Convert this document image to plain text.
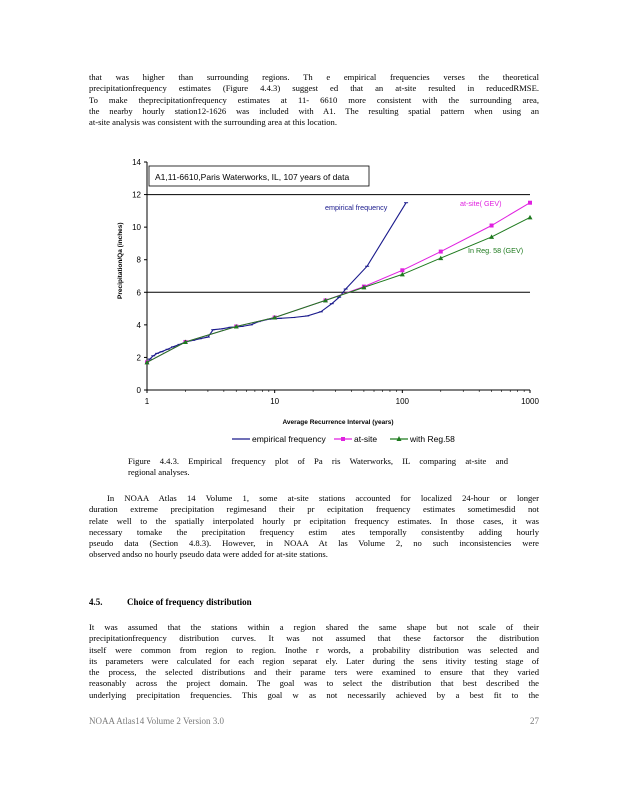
that was higher than surrounding regions. Th e empirical frequencies verses the theoretical
precipitationfrequency estimates (Figure 4.4.3) suggest ed that an at-site resulted in reducedRMSE.
To make theprecipitationfrequency estimates at 11- 6610 more consistent with the surrounding area,
the nearby hourly station12-1626 was included with A1. The resulting spatial pattern when using an
at-site analysis was consistent with the surrounding area at this location.
0
2
4
6
8
10
12
14
1	10	100	1000
A1,11-6610,Paris Waterworks, IL, 107 years of data
empirical frequency	at-site( GEV)
In Reg. 58 (GEV)
Precipitation/Qa (inches)
Average Recurrence Interval (years)
empirical frequency	at-site	with Reg.58
Figure 4.4.3. Empirical frequency plot of Pa ris Waterworks, IL comparing at-site and
regional analyses.
In NOAA Atlas 14 Volume 1, some at-site stations accounted for localized 24-hour or longer
duration extreme precipitation regimesand their pr ecipitation frequency estimates sometimesdid not
relate well to the spatially interpolated hourly pr ecipitation frequency estimates. In those cases, it was
necessary tomake the precipitation frequency estim ates temporally consistentby adding hourly
pseudo data (Section 4.8.3). However, in NOAA At las Volume 2, no such inconsistencies were
observed andso no hourly pseudo data were added for at-site stations.
4.5.	Choice of frequency distribution
It was assumed that the stations within a region shared the same shape but not scale of their
precipitationfrequency distribution curves. It was not assumed that these factorsor the distribution
itself were common from region to region. Inothe r words, a probability distribution was selected and
its parameters were calculated for each region separat ely. Later during the sens itivity testing stage of
the process, the selected distributions and their parame ters were examined to ensure that they varied
reasonably across the project domain. The goal was to select the distribution that best described the
underlying precipitation frequencies. This goal w as not necessarily achieved by a best fit to the
NOAA Atlas14 Volume 2 Version 3.0	27
